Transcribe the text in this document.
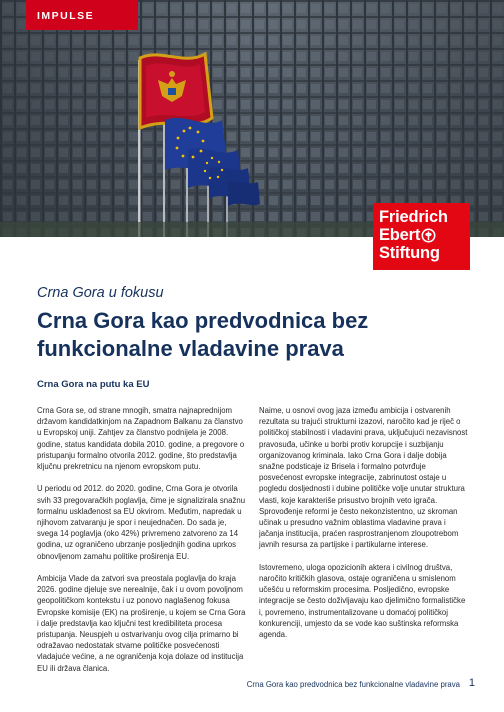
IMPULSE
Friedrich
Ebert
Stiftung
Crna Gora u fokusu
Crna Gora kao predvodnica bez funkcionalne vladavine prava
Crna Gora na putu ka EU

Crna Gora se, od strane mnogih, smatra najnaprednijom državom kandidatkinjom na Zapadnom Balkanu za članstvo u Evropskoj uniji. Zahtjev za članstvo podnijela je 2008. godine, status kandidata dobila 2010. godine, a pregovore o pristupanju formalno otvorila 2012. godine, što predstavlja ključnu prekretnicu na njenom evropskom putu.

U periodu od 2012. do 2020. godine, Crna Gora je otvorila svih 33 pregovaračkih poglavlja, čime je signalizirala snažnu formalnu usklađenost sa EU okvirom. Međutim, napredak u njihovom zatvaranju je spor i neujednačen. Do sada je, svega 14 poglavlja (oko 42%) privremeno zatvoreno za 14 godina, uz ograničeno ubrzanje posljednjih godina uprkos obnovljenom zamahu politike proširenja EU.

Ambicija Vlade da zatvori sva preostala poglavlja do kraja 2026. godine djeluje sve nerealnije, čak i u ovom povoljnom geopolitičkom kontekstu i uz ponovo naglašenog fokusa Evropske komisije (EK) na proširenje, u kojem se Crna Gora i dalje predstavlja kao ključni test kredibiliteta procesa pristupanja. Neuspjeh u ostvarivanju ovog cilja primarno bi odražavao nedostatak stvarne političke posvećenosti vladajuće većine, a ne ograničenja koja dolaze od institucija EU ili država članica.

Naime, u osnovi ovog jaza između ambicija i ostvarenih rezultata su trajući strukturni izazovi, naročito kad je riječ o političkoj stabilnosti i vladavini prava, uključujući nezavisnost pravosuđa, učinke u borbi protiv korupcije i suzbijanju organizovanog kriminala. Iako Crna Gora i dalje dobija snažne podsticaje iz Brisela i formalno potvrđuje posvećenost evropske integracije, zabrinutost ostaje u pogledu dosljednosti i dubine političke volje unutar struktura vlasti, koje karakteriše prisustvo brojnih veto igrača. Sprovođenje reformi je često nekonzistentno, uz skroman učinak u presudno važnim oblastima vladavine prava i jačanja institucija, praćen rasprostranjenom zloupotrebom javnih resursa za partijske i partikularne interese.

Istovremeno, uloga opozicionih aktera i civilnog društva, naročito kritičkih glasova, ostaje ograničena u smislenom učešću u reformskim procesima. Posljedično, evropske integracije se često doživljavaju kao djelimično formalističke i, povremeno, instrumentalizovane u domaćoj političkoj konkurenciji, umjesto da se vode kao suštinska reformska agenda.

Crna Gora kao predvodnica bez funkcionalne vladavine prava 1
